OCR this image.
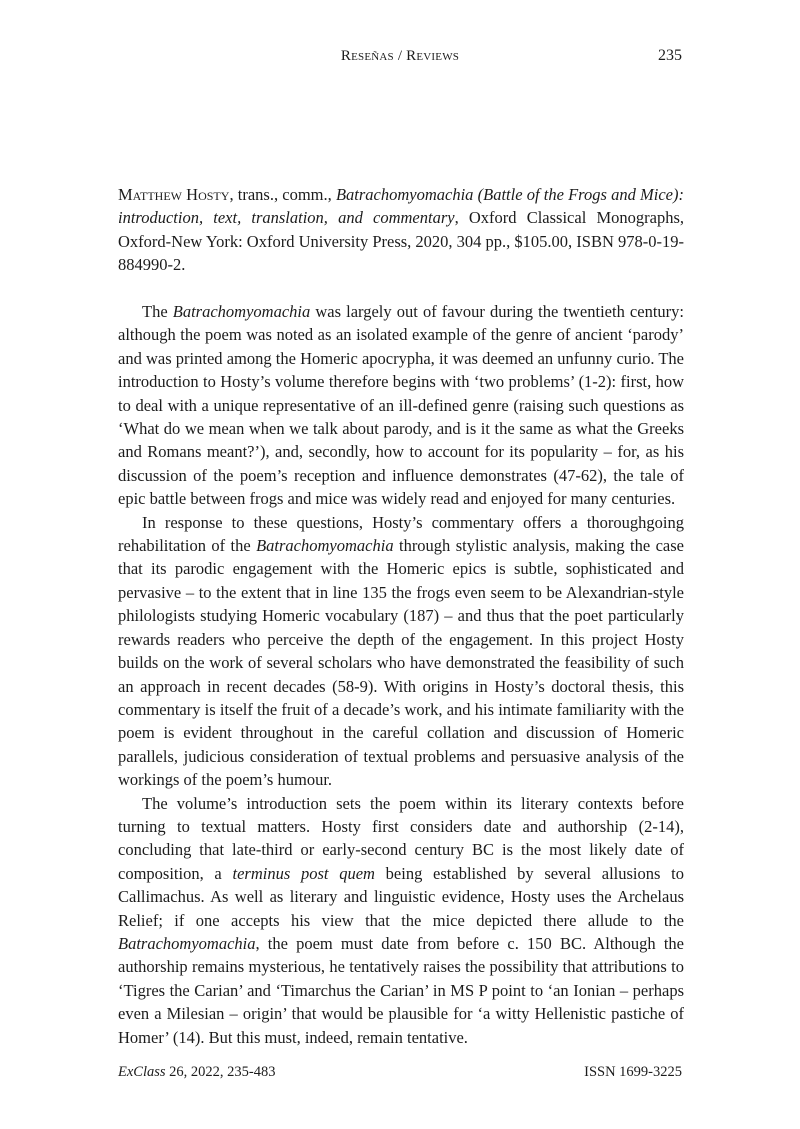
Reseñas / Reviews	235

Matthew Hosty, trans., comm., Batrachomyomachia (Battle of the Frogs and Mice): introduction, text, translation, and commentary, Oxford Classical Monographs, Oxford-New York: Oxford University Press, 2020, 304 pp., $105.00, ISBN 978-0-19-884990-2.

The Batrachomyomachia was largely out of favour during the twentieth century: although the poem was noted as an isolated example of the genre of ancient ‘parody’ and was printed among the Homeric apocrypha, it was deemed an unfunny curio. The introduction to Hosty’s volume therefore begins with ‘two problems’ (1-2): first, how to deal with a unique representative of an ill-defined genre (raising such questions as ‘What do we mean when we talk about parody, and is it the same as what the Greeks and Romans meant?’), and, secondly, how to account for its popularity – for, as his discussion of the poem’s reception and influence demonstrates (47-62), the tale of epic battle between frogs and mice was widely read and enjoyed for many centuries.

In response to these questions, Hosty’s commentary offers a thoroughgoing rehabilitation of the Batrachomyomachia through stylistic analysis, making the case that its parodic engagement with the Homeric epics is subtle, sophisticated and pervasive – to the extent that in line 135 the frogs even seem to be Alexandrian-style philologists studying Homeric vocabulary (187) – and thus that the poet particularly rewards readers who perceive the depth of the engagement. In this project Hosty builds on the work of several scholars who have demonstrated the feasibility of such an approach in recent decades (58-9). With origins in Hosty’s doctoral thesis, this commentary is itself the fruit of a decade’s work, and his intimate familiarity with the poem is evident throughout in the careful collation and discussion of Homeric parallels, judicious consideration of textual problems and persuasive analysis of the workings of the poem’s humour.

The volume’s introduction sets the poem within its literary contexts before turning to textual matters. Hosty first considers date and authorship (2-14), concluding that late-third or early-second century BC is the most likely date of composition, a terminus post quem being established by several allusions to Callimachus. As well as literary and linguistic evidence, Hosty uses the Archelaus Relief; if one accepts his view that the mice depicted there allude to the Batrachomyomachia, the poem must date from before c. 150 BC. Although the authorship remains mysterious, he tentatively raises the possibility that attributions to ‘Tigres the Carian’ and ‘Timarchus the Carian’ in MS P point to ‘an Ionian – perhaps even a Milesian – origin’ that would be plausible for ‘a witty Hellenistic pastiche of Homer’ (14). But this must, indeed, remain tentative.

ExClass 26, 2022, 235-483	ISSN 1699-3225
